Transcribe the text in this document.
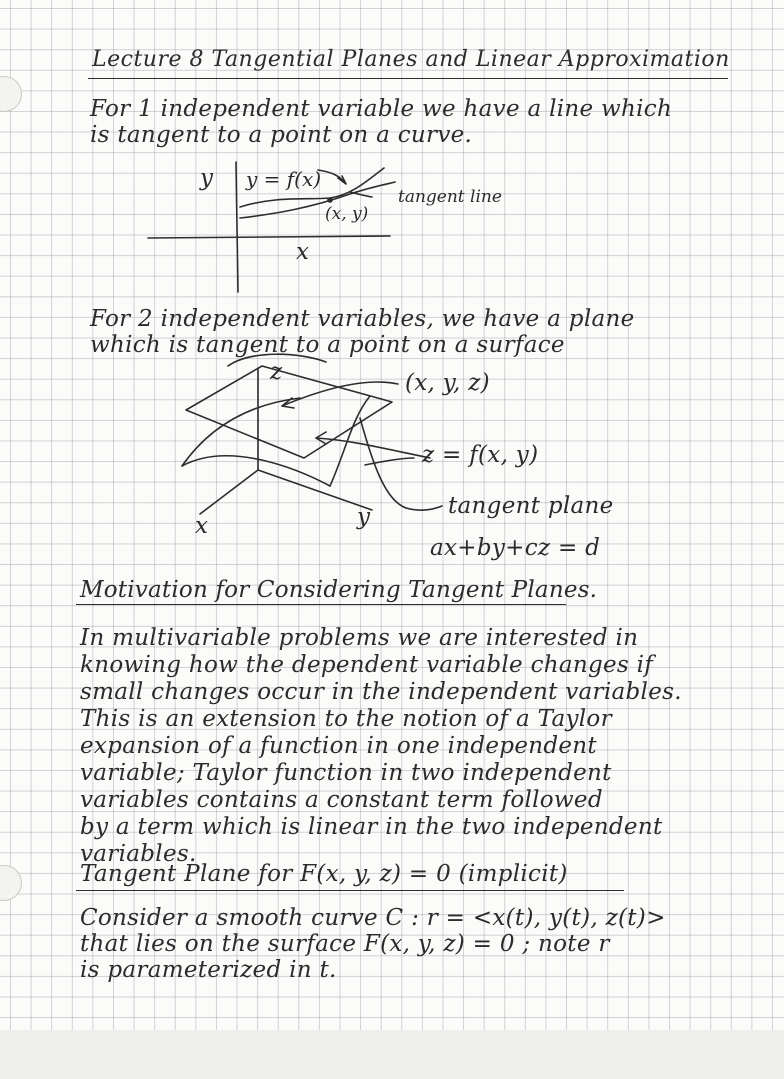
Lecture 8 Tangential Planes and Linear Approximation

For 1 independent variable we have a line which

is tangent to a point on a curve.

y y = f(x)

(x, y)

tangent line

x

For 2 independent variables, we have a plane

which is tangent to a point on a surface

z	(x, y, z)

z = f(x, y)

tangent plane

x	y

ax+by+cz = d

Motivation for Considering Tangent Planes.

In multivariable problems we are interested in

knowing how the dependent variable changes if

small changes occur in the independent variables.

This is an extension to the notion of a Taylor

expansion of a function in one independent

variable; Taylor function in two independent

variables contains a constant term followed

by a term which is linear in the two independent

variables.

Tangent Plane for F(x, y, z) = 0 (implicit)

Consider a smooth curve C : r = <x(t), y(t), z(t)>

that lies on the surface F(x, y, z) = 0 ; note r

is parameterized in t.
